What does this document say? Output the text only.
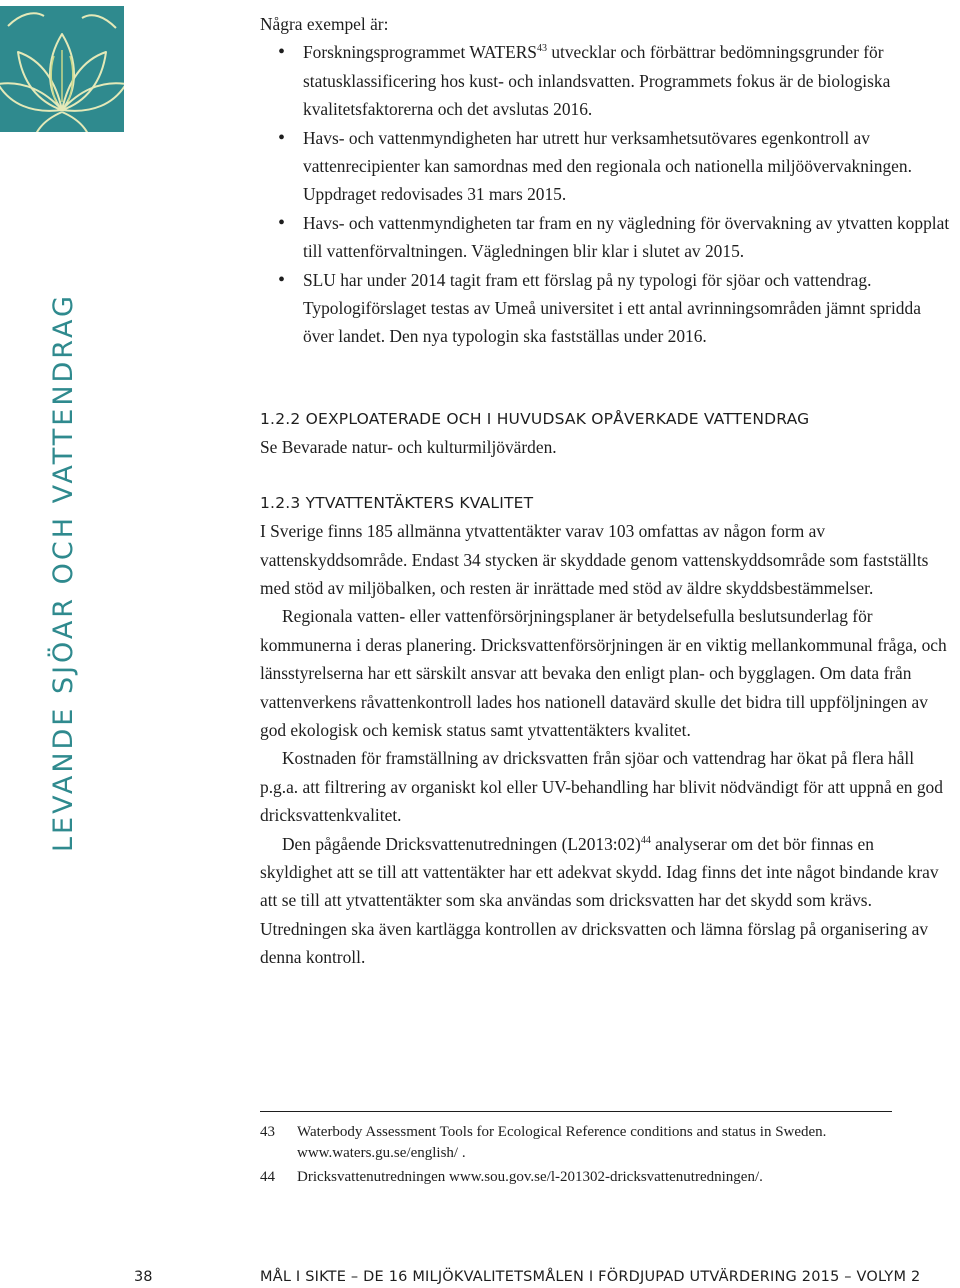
LEVANDE SJÖAR OCH VATTENDRAG

Några exempel är:

• Forskningsprogrammet WATERS$^{43}$ utvecklar och förbättrar bedömningsgrunder för statusklassificering hos kust- och inlandsvatten. Programmets fokus är de biologiska kvalitetsfaktorerna och det avslutas 2016.
• Havs- och vattenmyndigheten har utrett hur verksamhetsutövares egenkontroll av vattenrecipienter kan samordnas med den regionala och nationella miljöövervakningen. Uppdraget redovisades 31 mars 2015.
• Havs- och vattenmyndigheten tar fram en ny vägledning för övervakning av ytvatten kopplat till vattenförvaltningen. Vägledningen blir klar i slutet av 2015.
• SLU har under 2014 tagit fram ett förslag på ny typologi för sjöar och vattendrag. Typologiförslaget testas av Umeå universitet i ett antal avrinningsområden jämnt spridda över landet. Den nya typologin ska fastställas under 2016.

1.2.2 OEXPLOATERADE OCH I HUVUDSAK OPÅVERKADE VATTENDRAG

Se Bevarade natur- och kulturmiljövärden.

1.2.3 YTVATTENTÄKTERS KVALITET

I Sverige finns 185 allmänna ytvattentäkter varav 103 omfattas av någon form av vattenskyddsområde. Endast 34 stycken är skyddade genom vattenskyddsområde som fastställts med stöd av miljöbalken, och resten är inrättade med stöd av äldre skyddsbestämmelser.

Regionala vatten- eller vattenförsörjningsplaner är betydelsefulla beslutsunderlag för kommunerna i deras planering. Dricksvattenförsörjningen är en viktig mellankommunal fråga, och länsstyrelserna har ett särskilt ansvar att bevaka den enligt plan- och bygglagen. Om data från vattenverkens råvattenkontroll lades hos nationell datavärd skulle det bidra till uppföljningen av god ekologisk och kemisk status samt ytvattentäkters kvalitet.

Kostnaden för framställning av dricksvatten från sjöar och vattendrag har ökat på flera håll p.g.a. att filtrering av organiskt kol eller UV-behandling har blivit nödvändigt för att uppnå en god dricksvattenkvalitet.

Den pågående Dricksvattenutredningen (L2013:02)$^{44}$ analyserar om det bör finnas en skyldighet att se till att vattentäkter har ett adekvat skydd. Idag finns det inte något bindande krav att se till att ytvattentäkter som ska användas som dricksvatten har det skydd som krävs. Utredningen ska även kartlägga kontrollen av dricksvatten och lämna förslag på organisering av denna kontroll.

43 Waterbody Assessment Tools for Ecological Reference conditions and status in Sweden. www.waters.gu.se/english/ .
44 Dricksvattenutredningen www.sou.gov.se/l-201302-dricksvattenutredningen/.
38	MÅL I SIKTE – DE 16 MILJÖKVALITETSMÅLEN I FÖRDJUPAD UTVÄRDERING 2015 – VOLYM 2
